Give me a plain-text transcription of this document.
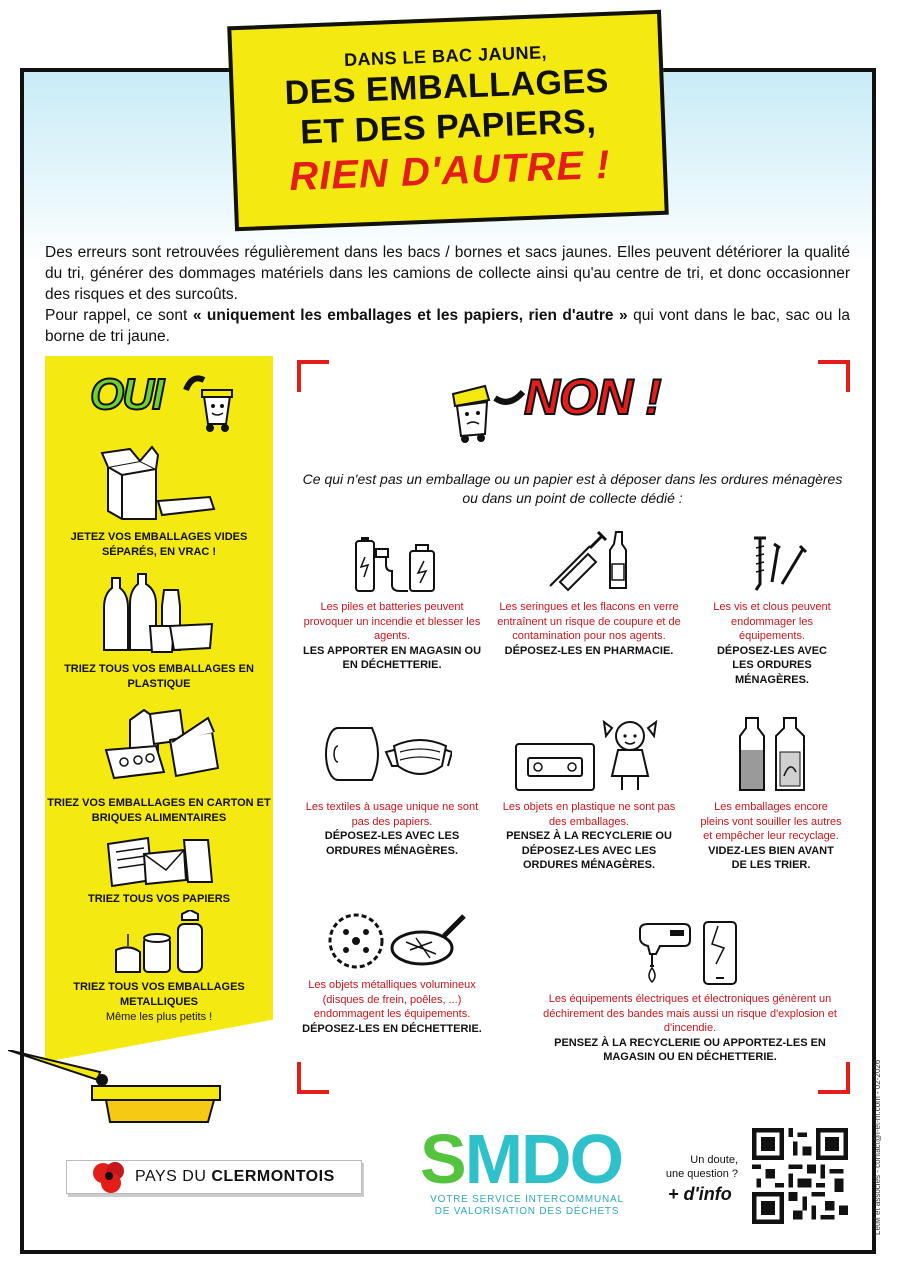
DANS LE BAC JAUNE,
DES EMBALLAGES
ET DES PAPIERS,
RIEN D'AUTRE !
Des erreurs sont retrouvées régulièrement dans les bacs / bornes et sacs jaunes. Elles peuvent détériorer la qualité du tri, générer des dommages matériels dans les camions de collecte ainsi qu'au centre de tri, et donc occasionner des risques et des surcoûts.
Pour rappel, ce sont « uniquement les emballages et les papiers, rien d'autre » qui vont dans le bac, sac ou la borne de tri jaune.
OUI
JETEZ VOS EMBALLAGES VIDES SÉPARÉS, EN VRAC !
TRIEZ TOUS VOS EMBALLAGES EN PLASTIQUE
TRIEZ VOS EMBALLAGES EN CARTON ET BRIQUES ALIMENTAIRES
TRIEZ TOUS VOS PAPIERS
TRIEZ TOUS VOS EMBALLAGES METALLIQUES
Même les plus petits !
NON !
Ce qui n'est pas un emballage ou un papier est à déposer dans les ordures ménagères ou dans un point de collecte dédié :
Les piles et batteries peuvent provoquer un incendie et blesser les agents.
LES APPORTER EN MAGASIN OU EN DÉCHETTERIE.
Les seringues et les flacons en verre entraînent un risque de coupure et de contamination pour nos agents.
DÉPOSEZ-LES EN PHARMACIE.
Les vis et clous peuvent endommager les équipements.
DÉPOSEZ-LES AVEC LES ORDURES MÉNAGÈRES.
Les textiles à usage unique ne sont pas des papiers.
DÉPOSEZ-LES AVEC LES ORDURES MÉNAGÈRES.
Les objets en plastique ne sont pas des emballages.
PENSEZ À LA RECYCLERIE OU DÉPOSEZ-LES AVEC LES ORDURES MÉNAGÈRES.
Les emballages encore pleins vont souiller les autres et empêcher leur recyclage.
VIDEZ-LES BIEN AVANT DE LES TRIER.
Les objets métalliques volumineux (disques de frein, poêles, ...) endommagent les équipements.
DÉPOSEZ-LES EN DÉCHETTERIE.
Les équipements électriques et électroniques génèrent un déchirement des bandes mais aussi un risque d'explosion et d'incendie.
PENSEZ À LA RECYCLERIE OU APPORTEZ-LES EN MAGASIN OU EN DÉCHETTERIE.
PAYS DU CLERMONTOIS	SMDO
VOTRE SERVICE INTERCOMMUNAL
DE VALORISATION DES DÉCHETS
Un doute,
une question ?
+ d'info	LetM et associés - contact@l-et-m.com - 02-2026
